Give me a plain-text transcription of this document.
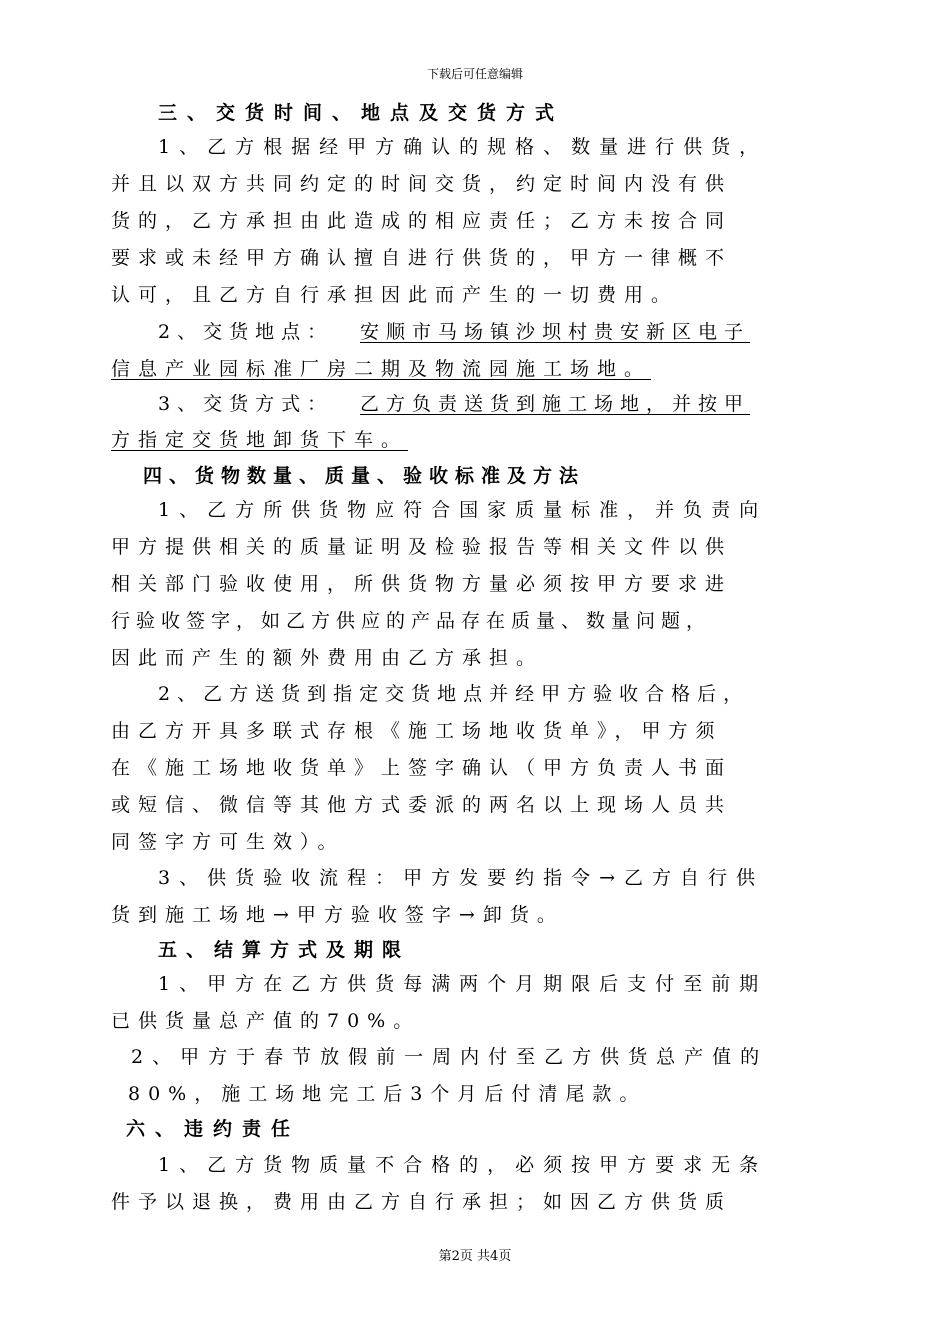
下载后可任意编辑
三、交货时间、地点及交货方式
1、乙方根据经甲方确认的规格、数量进行供货，
并且以双方共同约定的时间交货，约定时间内没有供
货的，乙方承担由此造成的相应责任；乙方未按合同
要求或未经甲方确认擅自进行供货的，甲方一律概不
认可，且乙方自行承担因此而产生的一切费用。
2、交货地点： 安顺市马场镇沙坝村贵安新区电子
信息产业园标准厂房二期及物流园施工场地。
3、交货方式： 乙方负责送货到施工场地，并按甲
方指定交货地卸货下车。
四、货物数量、质量、验收标准及方法
1、乙方所供货物应符合国家质量标准，并负责向
甲方提供相关的质量证明及检验报告等相关文件以供
相关部门验收使用，所供货物方量必须按甲方要求进
行验收签字，如乙方供应的产品存在质量、数量问题，
因此而产生的额外费用由乙方承担。
2、乙方送货到指定交货地点并经甲方验收合格后，
由乙方开具多联式存根《施工场地收货单》，甲方须
在《施工场地收货单》上签字确认（甲方负责人书面
或短信、微信等其他方式委派的两名以上现场人员共
同签字方可生效）。
3、供货验收流程：甲方发要约指令→乙方自行供
货到施工场地→甲方验收签字→卸货。
五、结算方式及期限
1、甲方在乙方供货每满两个月期限后支付至前期
已供货量总产值的70%。
2、甲方于春节放假前一周内付至乙方供货总产值的
80%，施工场地完工后3个月后付清尾款。
六、违约责任
1、乙方货物质量不合格的，必须按甲方要求无条
件予以退换，费用由乙方自行承担；如因乙方供货质
第2页 共4页
